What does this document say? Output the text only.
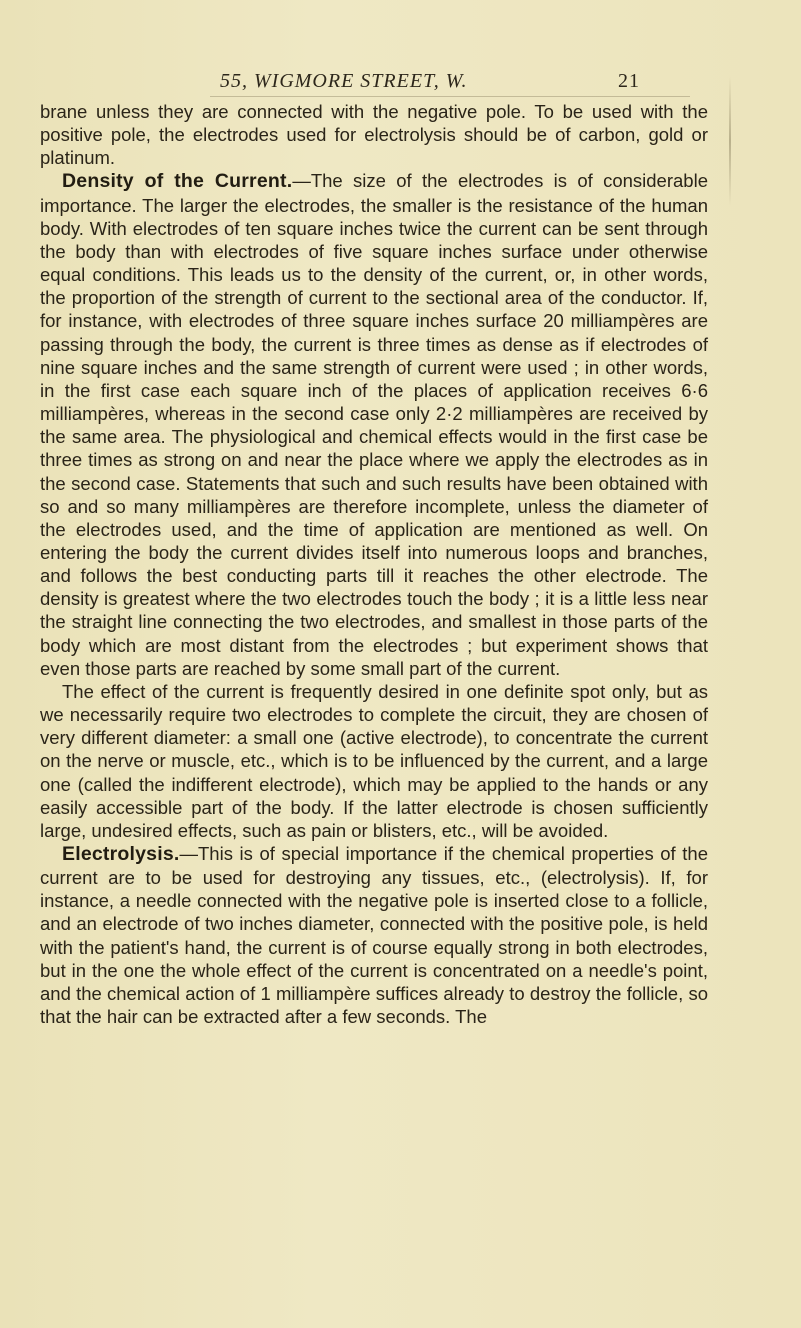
55, WIGMORE STREET, W.	21

brane unless they are connected with the negative pole. To be used with the positive pole, the electrodes used for electrolysis should be of carbon, gold or platinum.

Density of the Current.—The size of the electrodes is of considerable importance. The larger the electrodes, the smaller is the resistance of the human body. With electrodes of ten square inches twice the current can be sent through the body than with electrodes of five square inches surface under otherwise equal conditions. This leads us to the density of the current, or, in other words, the proportion of the strength of current to the sectional area of the conductor. If, for instance, with electrodes of three square inches surface 20 milliampères are passing through the body, the current is three times as dense as if electrodes of nine square inches and the same strength of current were used ; in other words, in the first case each square inch of the places of application receives 6·6 milliampères, whereas in the second case only 2·2 milliampères are received by the same area. The physiological and chemical effects would in the first case be three times as strong on and near the place where we apply the electrodes as in the second case. Statements that such and such results have been obtained with so and so many milliampères are therefore incomplete, unless the diameter of the electrodes used, and the time of application are mentioned as well. On entering the body the current divides itself into numerous loops and branches, and follows the best conducting parts till it reaches the other electrode. The density is greatest where the two electrodes touch the body ; it is a little less near the straight line connecting the two electrodes, and smallest in those parts of the body which are most distant from the electrodes ; but experiment shows that even those parts are reached by some small part of the current.

The effect of the current is frequently desired in one definite spot only, but as we necessarily require two electrodes to complete the circuit, they are chosen of very different diameter: a small one (active electrode), to concentrate the current on the nerve or muscle, etc., which is to be influenced by the current, and a large one (called the indifferent electrode), which may be applied to the hands or any easily accessible part of the body. If the latter electrode is chosen sufficiently large, undesired effects, such as pain or blisters, etc., will be avoided.

Electrolysis.—This is of special importance if the chemical properties of the current are to be used for destroying any tissues, etc., (electrolysis). If, for instance, a needle connected with the negative pole is inserted close to a follicle, and an electrode of two inches diameter, connected with the positive pole, is held with the patient's hand, the current is of course equally strong in both electrodes, but in the one the whole effect of the current is concentrated on a needle's point, and the chemical action of 1 milliampère suffices already to destroy the follicle, so that the hair can be extracted after a few seconds. The
